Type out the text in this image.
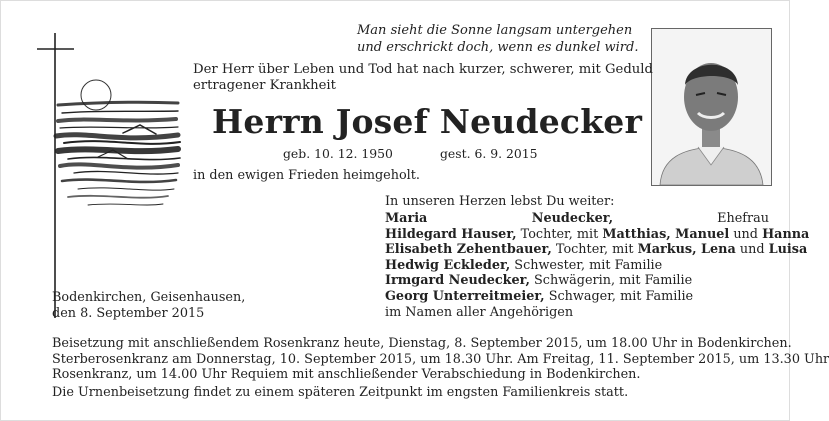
Man sieht die Sonne langsam untergehen
und erschrickt doch, wenn es dunkel wird.
Der Herr über Leben und Tod hat nach kurzer, schwerer, mit Geduld
ertragener Krankheit
Herrn Josef Neudecker
geb. 10. 12. 1950	gest. 6. 9. 2015
in den ewigen Frieden heimgeholt.
In unseren Herzen lebst Du weiter:
Maria Neudecker, Ehefrau
Hildegard Hauser, Tochter, mit Matthias, Manuel und Hanna
Elisabeth Zehentbauer, Tochter, mit Markus, Lena und Luisa
Hedwig Eckleder, Schwester, mit Familie
Irmgard Neudecker, Schwägerin, mit Familie
Georg Unterreitmeier, Schwager, mit Familie
im Namen aller Angehörigen
Bodenkirchen, Geisenhausen,
den 8. September 2015
Beisetzung mit anschließendem Rosenkranz heute, Dienstag, 8. September 2015, um 18.00 Uhr in Bodenkirchen.
Sterberosenkranz am Donnerstag, 10. September 2015, um 18.30 Uhr. Am Freitag, 11. September 2015, um 13.30 Uhr
Rosenkranz, um 14.00 Uhr Requiem mit anschließender Verabschiedung in Bodenkirchen.
Die Urnenbeisetzung findet zu einem späteren Zeitpunkt im engsten Familienkreis statt.
